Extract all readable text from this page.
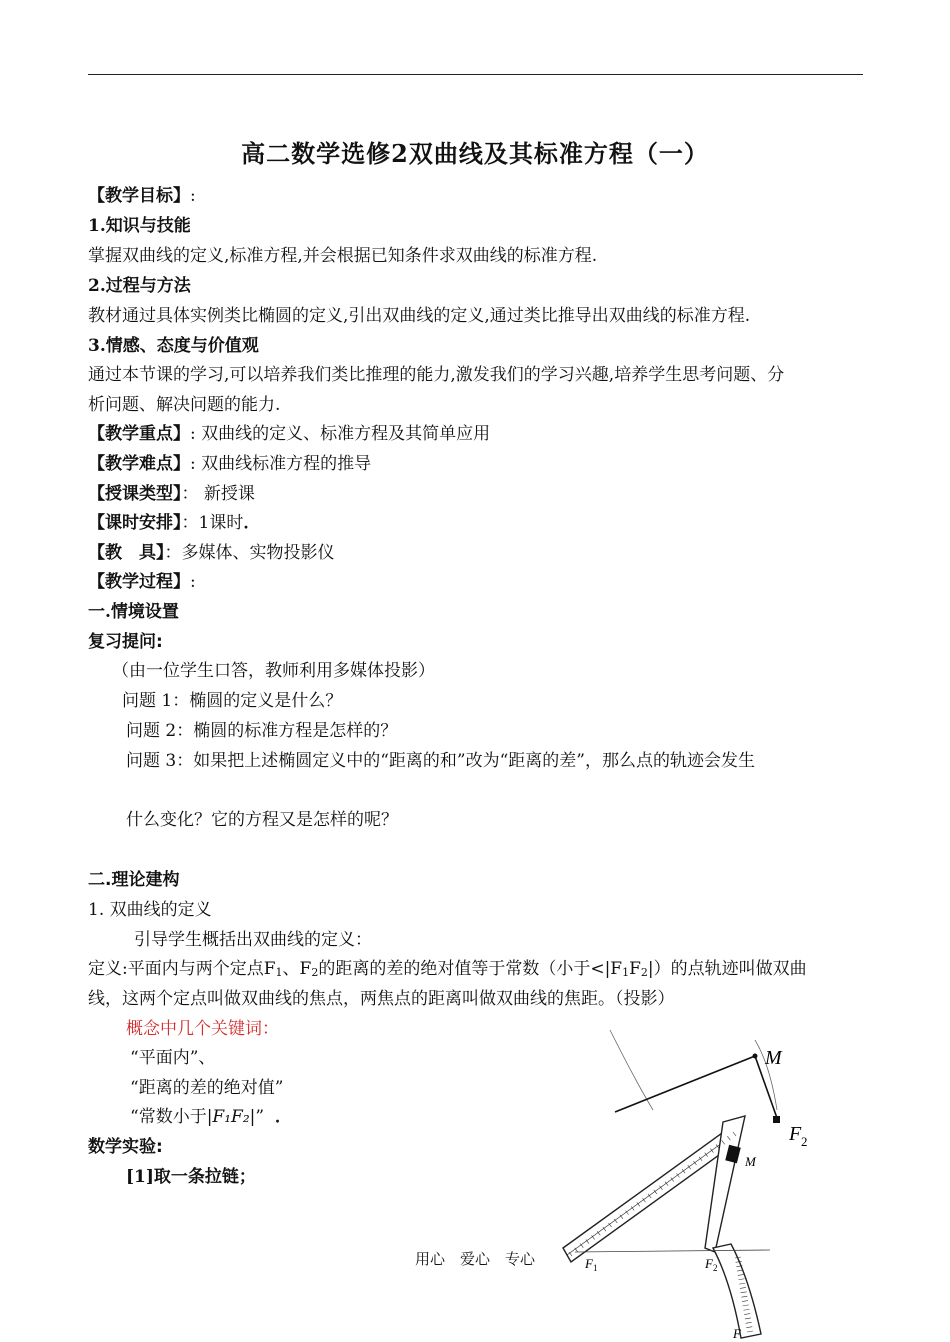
高二数学选修2双曲线及其标准方程（一）
【教学目标】:
1.知识与技能
掌握双曲线的定义,标准方程,并会根据已知条件求双曲线的标准方程.
2.过程与方法
教材通过具体实例类比椭圆的定义,引出双曲线的定义,通过类比推导出双曲线的标准方程.
3.情感、态度与价值观
通过本节课的学习,可以培养我们类比推理的能力,激发我们的学习兴趣,培养学生思考问题、分
析问题、解决问题的能力.
【教学重点】: 双曲线的定义、标准方程及其简单应用
【教学难点】: 双曲线标准方程的推导
【授课类型】： 新授课
【课时安排】：1课时．
【教　具】：多媒体、实物投影仪
【教学过程】:
一.情境设置
复习提问:
（由一位学生口答，教师利用多媒体投影）
问题 1：椭圆的定义是什么？
问题 2：椭圆的标准方程是怎样的？
问题 3：如果把上述椭圆定义中的“距离的和”改为“距离的差”，那么点的轨迹会发生
什么变化？它的方程又是怎样的呢？
二.理论建构
1. 双曲线的定义
引导学生概括出双曲线的定义：
定义:平面内与两个定点F1、F2的距离的差的绝对值等于常数（小于<|F1F2|）的点轨迹叫做双曲
线，这两个定点叫做双曲线的焦点，两焦点的距离叫做双曲线的焦距。（投影）
概念中几个关键词：
“平面内”、
“距离的差的绝对值”
“常数小于|F₁F₂|” ．
数学实验:
[1]取一条拉链；
M
F 2
M
F 1	F 2
F
用心　爱心　专心
